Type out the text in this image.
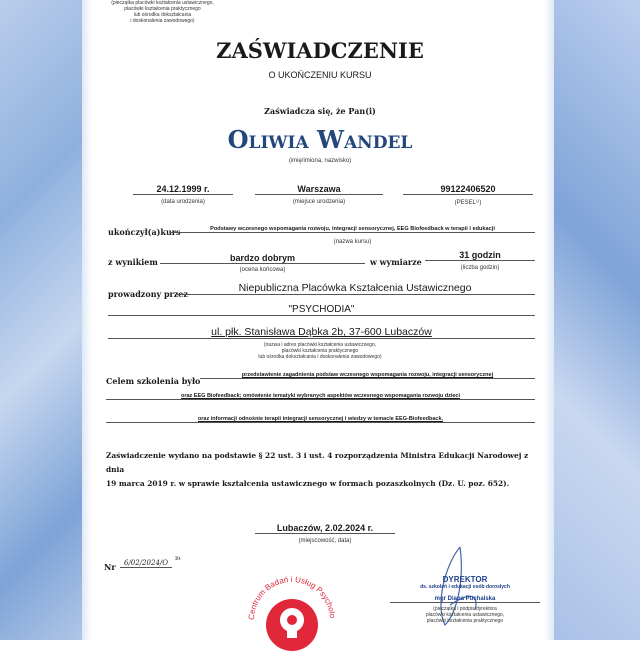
(pieczątka placówki kształcenia ustawicznego,
placówki kształcenia praktycznego
lub ośrodka dokształcania
i doskonalenia zawodowego)
ZAŚWIADCZENIE
O UKOŃCZENIU KURSU
Zaświadcza się, że Pan(i)
Oliwia Wandel
(imię/imiona, nazwisko)
24.12.1999 r.
(data urodzenia)
Warszawa
(miejsce urodzenia)
99122406520
(PESEL¹⁾)
ukończył(a)kurs	Podstawy wczesnego wspomagania rozwoju, integracji sensorycznej, EEG Biofeedback w terapii i edukacji
(nazwa kursu)
z wynikiem	bardzo dobrym
(ocena końcowa)
w wymiarze
31 godzin
(liczba godzin)
prowadzony przez	Niepubliczna Placówka Kształcenia Ustawicznego
"PSYCHODIA"
ul. płk. Stanisława Dąbka 2b, 37-600 Lubaczów
(nazwa i adres placówki kształcenia ustawicznego,
placówki kształcenia praktycznego
lub ośrodka dokształcania i doskonalenia zawodowego)
Celem szkolenia było
przedstawienie zagadnienia podstaw wczesnego wspomagania rozwoju, integracji sensorycznej
oraz EEG Biofeedback; omówienie tematyki wybranych aspektów wczesnego wspomagania rozwoju dzieci
oraz informacji odnośnie terapii integracji sensorycznej i wiedzy w temacie EEG-Biofeedback.
Zaświadczenie wydano na podstawie § 22 ust. 3 i ust. 4 rozporządzenia Ministra Edukacji Narodowej z dnia
19 marca 2019 r. w sprawie kształcenia ustawicznego w formach pozaszkolnych (Dz. U. poz. 652).
Lubaczów, 2.02.2024 r.
(miejscowość, data)
Nr	6/02/2024/O	²⁾
Centrum Badań i Usług Psycholo
DYREKTOR
ds. szkoleń i edukacji osób dorosłych
mgr Diana Puchalska
(pieczątka i podpis dyrektora
placówki kształcenia ustawicznego,
placówki kształcenia praktycznego
